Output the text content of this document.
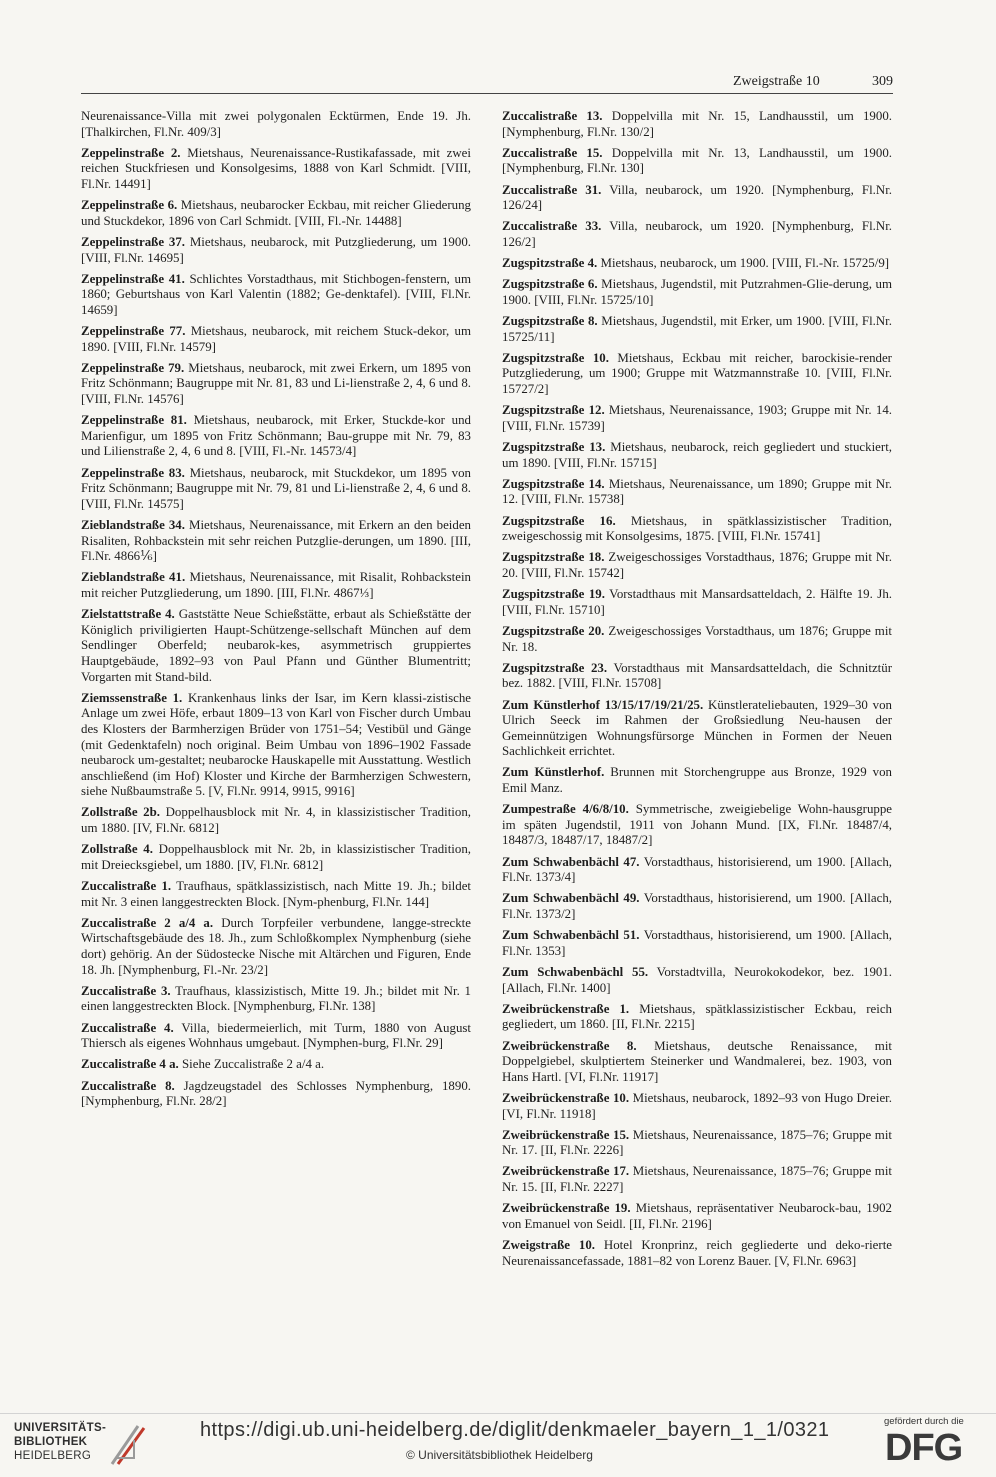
Zweigstraße 10	309

Neurenaissance-Villa mit zwei polygonalen Ecktürmen, Ende 19. Jh. [Thalkirchen, Fl.Nr. 409/3]

Zeppelinstraße 2. Mietshaus, Neurenaissance-Rustikafassade, mit zwei reichen Stuckfriesen und Konsolgesims, 1888 von Karl Schmidt. [VIII, Fl.Nr. 14491]

Zeppelinstraße 6. Mietshaus, neubarocker Eckbau, mit reicher Gliederung und Stuckdekor, 1896 von Carl Schmidt. [VIII, Fl.-Nr. 14488]

Zeppelinstraße 37. Mietshaus, neubarock, mit Putzgliederung, um 1900. [VIII, Fl.Nr. 14695]

Zeppelinstraße 41. Schlichtes Vorstadthaus, mit Stichbogen-fenstern, um 1860; Geburtshaus von Karl Valentin (1882; Ge-denktafel). [VIII, Fl.Nr. 14659]

Zeppelinstraße 77. Mietshaus, neubarock, mit reichem Stuck-dekor, um 1890. [VIII, Fl.Nr. 14579]

Zeppelinstraße 79. Mietshaus, neubarock, mit zwei Erkern, um 1895 von Fritz Schönmann; Baugruppe mit Nr. 81, 83 und Li-lienstraße 2, 4, 6 und 8. [VIII, Fl.Nr. 14576]

Zeppelinstraße 81. Mietshaus, neubarock, mit Erker, Stuckde-kor und Marienfigur, um 1895 von Fritz Schönmann; Bau-gruppe mit Nr. 79, 83 und Lilienstraße 2, 4, 6 und 8. [VIII, Fl.-Nr. 14573/4]

Zeppelinstraße 83. Mietshaus, neubarock, mit Stuckdekor, um 1895 von Fritz Schönmann; Baugruppe mit Nr. 79, 81 und Li-lienstraße 2, 4, 6 und 8. [VIII, Fl.Nr. 14575]

Zieblandstraße 34. Mietshaus, Neurenaissance, mit Erkern an den beiden Risaliten, Rohbackstein mit sehr reichen Putzglie-derungen, um 1890. [III, Fl.Nr. 4866⅙]

Zieblandstraße 41. Mietshaus, Neurenaissance, mit Risalit, Rohbackstein mit reicher Putzgliederung, um 1890. [III, Fl.Nr. 4867⅓]

Zielstattstraße 4. Gaststätte Neue Schießstätte, erbaut als Schießstätte der Königlich priviligierten Haupt-Schützenge-sellschaft München auf dem Sendlinger Oberfeld; neubarok-kes, asymmetrisch gruppiertes Hauptgebäude, 1892–93 von Paul Pfann und Günther Blumentritt; Vorgarten mit Stand-bild.

Ziemssenstraße 1. Krankenhaus links der Isar, im Kern klassi-zistische Anlage um zwei Höfe, erbaut 1809–13 von Karl von Fischer durch Umbau des Klosters der Barmherzigen Brüder von 1751–54; Vestibül und Gänge (mit Gedenktafeln) noch original. Beim Umbau von 1896–1902 Fassade neubarock um-gestaltet; neubarocke Hauskapelle mit Ausstattung. Westlich anschließend (im Hof) Kloster und Kirche der Barmherzigen Schwestern, siehe Nußbaumstraße 5. [V, Fl.Nr. 9914, 9915, 9916]

Zollstraße 2b. Doppelhausblock mit Nr. 4, in klassizistischer Tradition, um 1880. [IV, Fl.Nr. 6812]

Zollstraße 4. Doppelhausblock mit Nr. 2b, in klassizistischer Tradition, mit Dreiecksgiebel, um 1880. [IV, Fl.Nr. 6812]

Zuccalistraße 1. Traufhaus, spätklassizistisch, nach Mitte 19. Jh.; bildet mit Nr. 3 einen langgestreckten Block. [Nym-phenburg, Fl.Nr. 144]

Zuccalistraße 2 a/4 a. Durch Torpfeiler verbundene, langge-streckte Wirtschaftsgebäude des 18. Jh., zum Schloßkomplex Nymphenburg (siehe dort) gehörig. An der Südostecke Nische mit Altärchen und Figuren, Ende 18. Jh. [Nymphenburg, Fl.-Nr. 23/2]

Zuccalistraße 3. Traufhaus, klassizistisch, Mitte 19. Jh.; bildet mit Nr. 1 einen langgestreckten Block. [Nymphenburg, Fl.Nr. 138]

Zuccalistraße 4. Villa, biedermeierlich, mit Turm, 1880 von August Thiersch als eigenes Wohnhaus umgebaut. [Nymphen-burg, Fl.Nr. 29]

Zuccalistraße 4 a. Siehe Zuccalistraße 2 a/4 a.

Zuccalistraße 8. Jagdzeugstadel des Schlosses Nymphenburg, 1890. [Nymphenburg, Fl.Nr. 28/2]

Zuccalistraße 13. Doppelvilla mit Nr. 15, Landhausstil, um 1900. [Nymphenburg, Fl.Nr. 130/2]

Zuccalistraße 15. Doppelvilla mit Nr. 13, Landhausstil, um 1900. [Nymphenburg, Fl.Nr. 130]

Zuccalistraße 31. Villa, neubarock, um 1920. [Nymphenburg, Fl.Nr. 126/24]

Zuccalistraße 33. Villa, neubarock, um 1920. [Nymphenburg, Fl.Nr. 126/2]

Zugspitzstraße 4. Mietshaus, neubarock, um 1900. [VIII, Fl.-Nr. 15725/9]

Zugspitzstraße 6. Mietshaus, Jugendstil, mit Putzrahmen-Glie-derung, um 1900. [VIII, Fl.Nr. 15725/10]

Zugspitzstraße 8. Mietshaus, Jugendstil, mit Erker, um 1900. [VIII, Fl.Nr. 15725/11]

Zugspitzstraße 10. Mietshaus, Eckbau mit reicher, barockisie-render Putzgliederung, um 1900; Gruppe mit Watzmannstraße 10. [VIII, Fl.Nr. 15727/2]

Zugspitzstraße 12. Mietshaus, Neurenaissance, 1903; Gruppe mit Nr. 14. [VIII, Fl.Nr. 15739]

Zugspitzstraße 13. Mietshaus, neubarock, reich gegliedert und stuckiert, um 1890. [VIII, Fl.Nr. 15715]

Zugspitzstraße 14. Mietshaus, Neurenaissance, um 1890; Gruppe mit Nr. 12. [VIII, Fl.Nr. 15738]

Zugspitzstraße 16. Mietshaus, in spätklassizistischer Tradition, zweigeschossig mit Konsolgesims, 1875. [VIII, Fl.Nr. 15741]

Zugspitzstraße 18. Zweigeschossiges Vorstadthaus, 1876; Gruppe mit Nr. 20. [VIII, Fl.Nr. 15742]

Zugspitzstraße 19. Vorstadthaus mit Mansardsatteldach, 2. Hälfte 19. Jh. [VIII, Fl.Nr. 15710]

Zugspitzstraße 20. Zweigeschossiges Vorstadthaus, um 1876; Gruppe mit Nr. 18.

Zugspitzstraße 23. Vorstadthaus mit Mansardsatteldach, die Schnitztür bez. 1882. [VIII, Fl.Nr. 15708]

Zum Künstlerhof 13/15/17/19/21/25. Künstlerateliebauten, 1929–30 von Ulrich Seeck im Rahmen der Großsiedlung Neu-hausen der Gemeinnützigen Wohnungsfürsorge München in Formen der Neuen Sachlichkeit errichtet.

Zum Künstlerhof. Brunnen mit Storchengruppe aus Bronze, 1929 von Emil Manz.

Zumpestraße 4/6/8/10. Symmetrische, zweigiebelige Wohn-hausgruppe im späten Jugendstil, 1911 von Johann Mund. [IX, Fl.Nr. 18487/4, 18487/3, 18487/17, 18487/2]

Zum Schwabenbächl 47. Vorstadthaus, historisierend, um 1900. [Allach, Fl.Nr. 1373/4]

Zum Schwabenbächl 49. Vorstadthaus, historisierend, um 1900. [Allach, Fl.Nr. 1373/2]

Zum Schwabenbächl 51. Vorstadthaus, historisierend, um 1900. [Allach, Fl.Nr. 1353]

Zum Schwabenbächl 55. Vorstadtvilla, Neurokokodekor, bez. 1901. [Allach, Fl.Nr. 1400]

Zweibrückenstraße 1. Mietshaus, spätklassizistischer Eckbau, reich gegliedert, um 1860. [II, Fl.Nr. 2215]

Zweibrückenstraße 8. Mietshaus, deutsche Renaissance, mit Doppelgiebel, skulptiertem Steinerker und Wandmalerei, bez. 1903, von Hans Hartl. [VI, Fl.Nr. 11917]

Zweibrückenstraße 10. Mietshaus, neubarock, 1892–93 von Hugo Dreier. [VI, Fl.Nr. 11918]

Zweibrückenstraße 15. Mietshaus, Neurenaissance, 1875–76; Gruppe mit Nr. 17. [II, Fl.Nr. 2226]

Zweibrückenstraße 17. Mietshaus, Neurenaissance, 1875–76; Gruppe mit Nr. 15. [II, Fl.Nr. 2227]

Zweibrückenstraße 19. Mietshaus, repräsentativer Neubarock-bau, 1902 von Emanuel von Seidl. [II, Fl.Nr. 2196]

Zweigstraße 10. Hotel Kronprinz, reich gegliederte und deko-rierte Neurenaissancefassade, 1881–82 von Lorenz Bauer. [V, Fl.Nr. 6963]

UNIVERSITÄTS-
BIBLIOTHEK
HEIDELBERG
https://digi.ub.uni-heidelberg.de/diglit/denkmaeler_bayern_1_1/0321
© Universitätsbibliothek Heidelberg
gefördert durch die
DFG
